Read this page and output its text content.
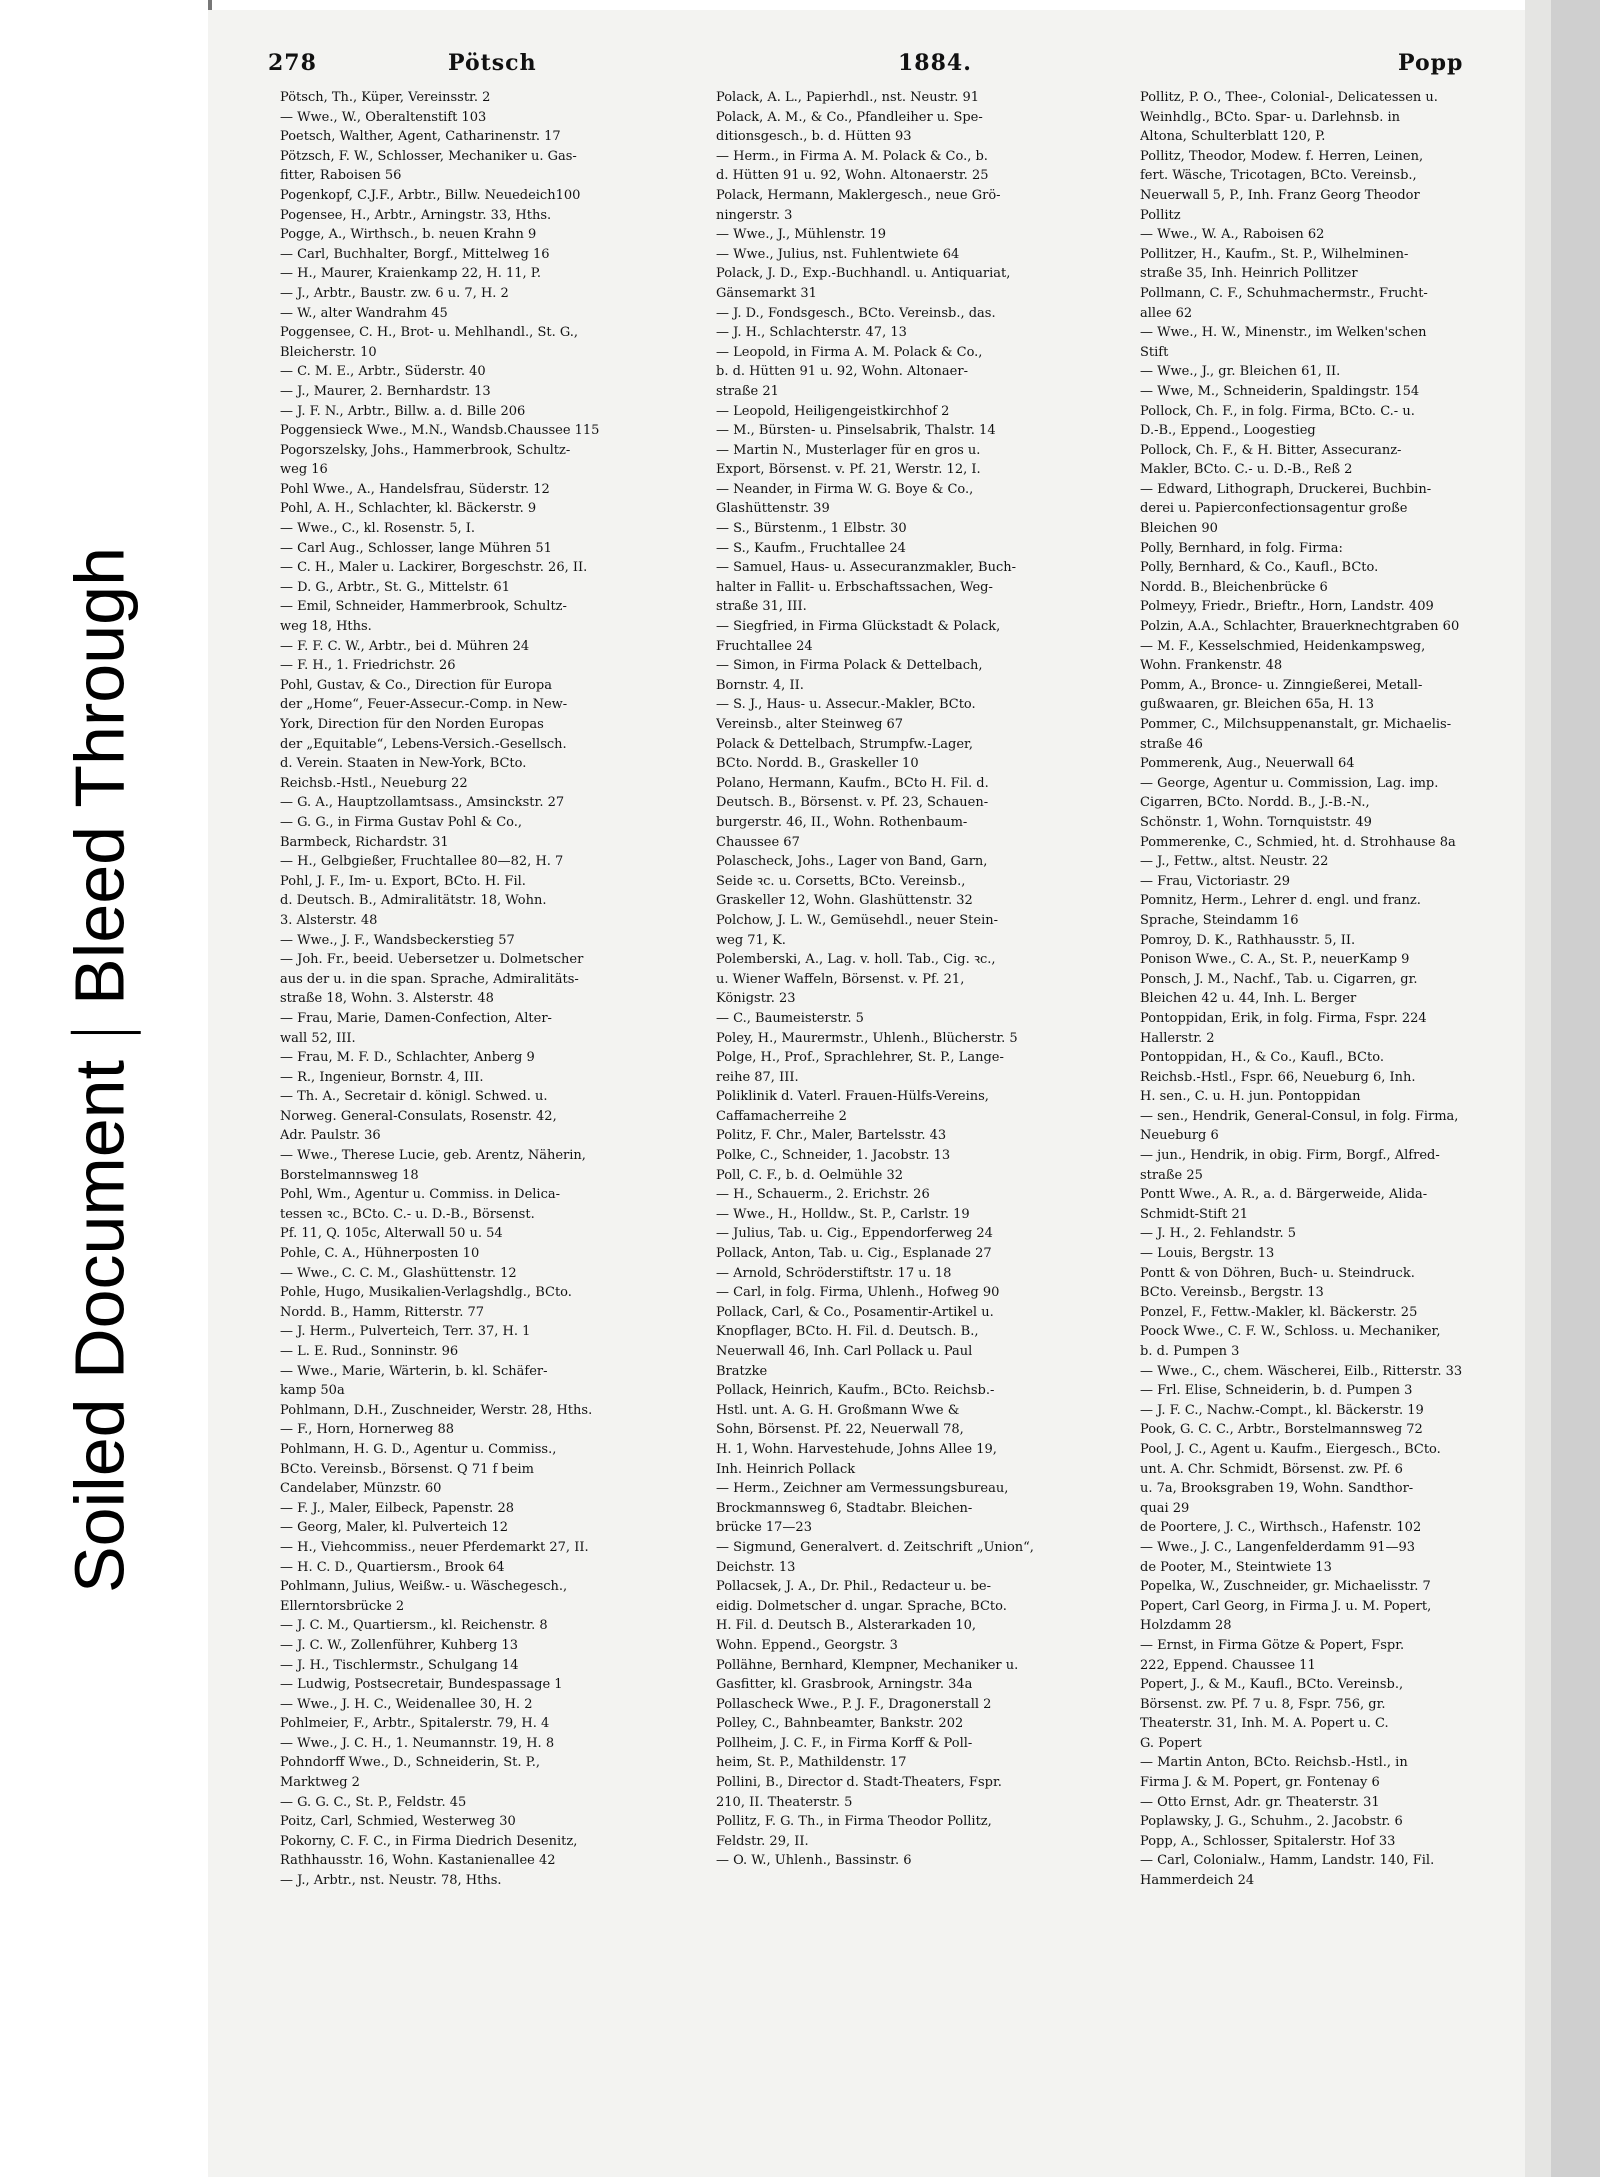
Soiled DocumentBleed Through
278	Pötsch	1884.	Popp
Pötsch, Th., Küper, Vereinsstr. 2
— Wwe., W., Oberaltenstift 103
Poetsch, Walther, Agent, Catharinenstr. 17
Pötzsch, F. W., Schlosser, Mechaniker u. Gas-
fitter, Raboisen 56
Pogenkopf, C.J.F., Arbtr., Billw. Neuedeich100
Pogensee, H., Arbtr., Arningstr. 33, Hths.
Pogge, A., Wirthsch., b. neuen Krahn 9
— Carl, Buchhalter, Borgf., Mittelweg 16
— H., Maurer, Kraienkamp 22, H. 11, P.
— J., Arbtr., Baustr. zw. 6 u. 7, H. 2
— W., alter Wandrahm 45
Poggensee, C. H., Brot- u. Mehlhandl., St. G.,
Bleicherstr. 10
— C. M. E., Arbtr., Süderstr. 40
— J., Maurer, 2. Bernhardstr. 13
— J. F. N., Arbtr., Billw. a. d. Bille 206
Poggensieck Wwe., M.N., Wandsb.Chaussee 115
Pogorszelsky, Johs., Hammerbrook, Schultz-
weg 16
Pohl Wwe., A., Handelsfrau, Süderstr. 12
Pohl, A. H., Schlachter, kl. Bäckerstr. 9
— Wwe., C., kl. Rosenstr. 5, I.
— Carl Aug., Schlosser, lange Mühren 51
— C. H., Maler u. Lackirer, Borgeschstr. 26, II.
— D. G., Arbtr., St. G., Mittelstr. 61
— Emil, Schneider, Hammerbrook, Schultz-
weg 18, Hths.
— F. F. C. W., Arbtr., bei d. Mühren 24
— F. H., 1. Friedrichstr. 26
Pohl, Gustav, & Co., Direction für Europa
der „Home“, Feuer-Assecur.-Comp. in New-
York, Direction für den Norden Europas
der „Equitable“, Lebens-Versich.-Gesellsch.
d. Verein. Staaten in New-York, BCto.
Reichsb.-Hstl., Neueburg 22
— G. A., Hauptzollamtsass., Amsinckstr. 27
— G. G., in Firma Gustav Pohl & Co.,
Barmbeck, Richardstr. 31
— H., Gelbgießer, Fruchtallee 80—82, H. 7
Pohl, J. F., Im- u. Export, BCto. H. Fil.
d. Deutsch. B., Admiralitätstr. 18, Wohn.
3. Alsterstr. 48
— Wwe., J. F., Wandsbeckerstieg 57
— Joh. Fr., beeid. Uebersetzer u. Dolmetscher
aus der u. in die span. Sprache, Admiralitäts-
straße 18, Wohn. 3. Alsterstr. 48
— Frau, Marie, Damen-Confection, Alter-
wall 52, III.
— Frau, M. F. D., Schlachter, Anberg 9
— R., Ingenieur, Bornstr. 4, III.
— Th. A., Secretair d. königl. Schwed. u.
Norweg. General-Consulats, Rosenstr. 42,
Adr. Paulstr. 36
— Wwe., Therese Lucie, geb. Arentz, Näherin,
Borstelmannsweg 18
Pohl, Wm., Agentur u. Commiss. in Delica-
tessen ꝛc., BCto. C.- u. D.-B., Börsenst.
Pf. 11, Q. 105c, Alterwall 50 u. 54
Pohle, C. A., Hühnerposten 10
— Wwe., C. C. M., Glashüttenstr. 12
Pohle, Hugo, Musikalien-Verlagshdlg., BCto.
Nordd. B., Hamm, Ritterstr. 77
— J. Herm., Pulverteich, Terr. 37, H. 1
— L. E. Rud., Sonninstr. 96
— Wwe., Marie, Wärterin, b. kl. Schäfer-
kamp 50a
Pohlmann, D.H., Zuschneider, Werstr. 28, Hths.
— F., Horn, Hornerweg 88
Pohlmann, H. G. D., Agentur u. Commiss.,
BCto. Vereinsb., Börsenst. Q 71 f beim
Candelaber, Münzstr. 60
— F. J., Maler, Eilbeck, Papenstr. 28
— Georg, Maler, kl. Pulverteich 12
— H., Viehcommiss., neuer Pferdemarkt 27, II.
— H. C. D., Quartiersm., Brook 64
Pohlmann, Julius, Weißw.- u. Wäschegesch.,
Ellerntorsbrücke 2
— J. C. M., Quartiersm., kl. Reichenstr. 8
— J. C. W., Zollenführer, Kuhberg 13
— J. H., Tischlermstr., Schulgang 14
— Ludwig, Postsecretair, Bundespassage 1
— Wwe., J. H. C., Weidenallee 30, H. 2
Pohlmeier, F., Arbtr., Spitalerstr. 79, H. 4
— Wwe., J. C. H., 1. Neumannstr. 19, H. 8
Pohndorff Wwe., D., Schneiderin, St. P.,
Marktweg 2
— G. G. C., St. P., Feldstr. 45
Poitz, Carl, Schmied, Westerweg 30
Pokorny, C. F. C., in Firma Diedrich Desenitz,
Rathhausstr. 16, Wohn. Kastanienallee 42
— J., Arbtr., nst. Neustr. 78, Hths.
Polack, A. L., Papierhdl., nst. Neustr. 91
Polack, A. M., & Co., Pfandleiher u. Spe-
ditionsgesch., b. d. Hütten 93
— Herm., in Firma A. M. Polack & Co., b.
d. Hütten 91 u. 92, Wohn. Altonaerstr. 25
Polack, Hermann, Maklergesch., neue Grö-
ningerstr. 3
— Wwe., J., Mühlenstr. 19
— Wwe., Julius, nst. Fuhlentwiete 64
Polack, J. D., Exp.-Buchhandl. u. Antiquariat,
Gänsemarkt 31
— J. D., Fondsgesch., BCto. Vereinsb., das.
— J. H., Schlachterstr. 47, 13
— Leopold, in Firma A. M. Polack & Co.,
b. d. Hütten 91 u. 92, Wohn. Altonaer-
straße 21
— Leopold, Heiligengeistkirchhof 2
— M., Bürsten- u. Pinselsabrik, Thalstr. 14
— Martin N., Musterlager für en gros u.
Export, Börsenst. v. Pf. 21, Werstr. 12, I.
— Neander, in Firma W. G. Boye & Co.,
Glashüttenstr. 39
— S., Bürstenm., 1 Elbstr. 30
— S., Kaufm., Fruchtallee 24
— Samuel, Haus- u. Assecuranzmakler, Buch-
halter in Fallit- u. Erbschaftssachen, Weg-
straße 31, III.
— Siegfried, in Firma Glückstadt & Polack,
Fruchtallee 24
— Simon, in Firma Polack & Dettelbach,
Bornstr. 4, II.
— S. J., Haus- u. Assecur.-Makler, BCto.
Vereinsb., alter Steinweg 67
Polack & Dettelbach, Strumpfw.-Lager,
BCto. Nordd. B., Graskeller 10
Polano, Hermann, Kaufm., BCto H. Fil. d.
Deutsch. B., Börsenst. v. Pf. 23, Schauen-
burgerstr. 46, II., Wohn. Rothenbaum-
Chaussee 67
Polascheck, Johs., Lager von Band, Garn,
Seide ꝛc. u. Corsetts, BCto. Vereinsb.,
Graskeller 12, Wohn. Glashüttenstr. 32
Polchow, J. L. W., Gemüsehdl., neuer Stein-
weg 71, K.
Polemberski, A., Lag. v. holl. Tab., Cig. ꝛc.,
u. Wiener Waffeln, Börsenst. v. Pf. 21,
Königstr. 23
— C., Baumeisterstr. 5
Poley, H., Maurermstr., Uhlenh., Blücherstr. 5
Polge, H., Prof., Sprachlehrer, St. P., Lange-
reihe 87, III.
Poliklinik d. Vaterl. Frauen-Hülfs-Vereins,
Caffamacherreihe 2
Politz, F. Chr., Maler, Bartelsstr. 43
Polke, C., Schneider, 1. Jacobstr. 13
Poll, C. F., b. d. Oelmühle 32
— H., Schauerm., 2. Erichstr. 26
— Wwe., H., Holldw., St. P., Carlstr. 19
— Julius, Tab. u. Cig., Eppendorferweg 24
Pollack, Anton, Tab. u. Cig., Esplanade 27
— Arnold, Schröderstiftstr. 17 u. 18
— Carl, in folg. Firma, Uhlenh., Hofweg 90
Pollack, Carl, & Co., Posamentir-Artikel u.
Knopflager, BCto. H. Fil. d. Deutsch. B.,
Neuerwall 46, Inh. Carl Pollack u. Paul
Bratzke
Pollack, Heinrich, Kaufm., BCto. Reichsb.-
Hstl. unt. A. G. H. Großmann Wwe &
Sohn, Börsenst. Pf. 22, Neuerwall 78,
H. 1, Wohn. Harvestehude, Johns Allee 19,
Inh. Heinrich Pollack
— Herm., Zeichner am Vermessungsbureau,
Brockmannsweg 6, Stadtabr. Bleichen-
brücke 17—23
— Sigmund, Generalvert. d. Zeitschrift „Union“,
Deichstr. 13
Pollacsek, J. A., Dr. Phil., Redacteur u. be-
eidig. Dolmetscher d. ungar. Sprache, BCto.
H. Fil. d. Deutsch B., Alsterarkaden 10,
Wohn. Eppend., Georgstr. 3
Pollähne, Bernhard, Klempner, Mechaniker u.
Gasfitter, kl. Grasbrook, Arningstr. 34a
Pollascheck Wwe., P. J. F., Dragonerstall 2
Polley, C., Bahnbeamter, Bankstr. 202
Pollheim, J. C. F., in Firma Korff & Poll-
heim, St. P., Mathildenstr. 17
Pollini, B., Director d. Stadt-Theaters, Fspr.
210, II. Theaterstr. 5
Pollitz, F. G. Th., in Firma Theodor Pollitz,
Feldstr. 29, II.
— O. W., Uhlenh., Bassinstr. 6
Pollitz, P. O., Thee-, Colonial-, Delicatessen u.
Weinhdlg., BCto. Spar- u. Darlehnsb. in
Altona, Schulterblatt 120, P.
Pollitz, Theodor, Modew. f. Herren, Leinen,
fert. Wäsche, Tricotagen, BCto. Vereinsb.,
Neuerwall 5, P., Inh. Franz Georg Theodor
Pollitz
— Wwe., W. A., Raboisen 62
Pollitzer, H., Kaufm., St. P., Wilhelminen-
straße 35, Inh. Heinrich Pollitzer
Pollmann, C. F., Schuhmachermstr., Frucht-
allee 62
— Wwe., H. W., Minenstr., im Welken'schen
Stift
— Wwe., J., gr. Bleichen 61, II.
— Wwe, M., Schneiderin, Spaldingstr. 154
Pollock, Ch. F., in folg. Firma, BCto. C.- u.
D.-B., Eppend., Loogestieg
Pollock, Ch. F., & H. Bitter, Assecuranz-
Makler, BCto. C.- u. D.-B., Reß 2
— Edward, Lithograph, Druckerei, Buchbin-
derei u. Papierconfectionsagentur große
Bleichen 90
Polly, Bernhard, in folg. Firma:
Polly, Bernhard, & Co., Kaufl., BCto.
Nordd. B., Bleichenbrücke 6
Polmeyy, Friedr., Brieftr., Horn, Landstr. 409
Polzin, A.A., Schlachter, Brauerknechtgraben 60
— M. F., Kesselschmied, Heidenkampsweg,
Wohn. Frankenstr. 48
Pomm, A., Bronce- u. Zinngießerei, Metall-
gußwaaren, gr. Bleichen 65a, H. 13
Pommer, C., Milchsuppenanstalt, gr. Michaelis-
straße 46
Pommerenk, Aug., Neuerwall 64
— George, Agentur u. Commission, Lag. imp.
Cigarren, BCto. Nordd. B., J.-B.-N.,
Schönstr. 1, Wohn. Tornquiststr. 49
Pommerenke, C., Schmied, ht. d. Strohhause 8a
— J., Fettw., altst. Neustr. 22
— Frau, Victoriastr. 29
Pomnitz, Herm., Lehrer d. engl. und franz.
Sprache, Steindamm 16
Pomroy, D. K., Rathhausstr. 5, II.
Ponison Wwe., C. A., St. P., neuerKamp 9
Ponsch, J. M., Nachf., Tab. u. Cigarren, gr.
Bleichen 42 u. 44, Inh. L. Berger
Pontoppidan, Erik, in folg. Firma, Fspr. 224
Hallerstr. 2
Pontoppidan, H., & Co., Kaufl., BCto.
Reichsb.-Hstl., Fspr. 66, Neueburg 6, Inh.
H. sen., C. u. H. jun. Pontoppidan
— sen., Hendrik, General-Consul, in folg. Firma,
Neueburg 6
— jun., Hendrik, in obig. Firm, Borgf., Alfred-
straße 25
Pontt Wwe., A. R., a. d. Bärgerweide, Alida-
Schmidt-Stift 21
— J. H., 2. Fehlandstr. 5
— Louis, Bergstr. 13
Pontt & von Döhren, Buch- u. Steindruck.
BCto. Vereinsb., Bergstr. 13
Ponzel, F., Fettw.-Makler, kl. Bäckerstr. 25
Poock Wwe., C. F. W., Schloss. u. Mechaniker,
b. d. Pumpen 3
— Wwe., C., chem. Wäscherei, Eilb., Ritterstr. 33
— Frl. Elise, Schneiderin, b. d. Pumpen 3
— J. F. C., Nachw.-Compt., kl. Bäckerstr. 19
Pook, G. C. C., Arbtr., Borstelmannsweg 72
Pool, J. C., Agent u. Kaufm., Eiergesch., BCto.
unt. A. Chr. Schmidt, Börsenst. zw. Pf. 6
u. 7a, Brooksgraben 19, Wohn. Sandthor-
quai 29
de Poortere, J. C., Wirthsch., Hafenstr. 102
— Wwe., J. C., Langenfelderdamm 91—93
de Pooter, M., Steintwiete 13
Popelka, W., Zuschneider, gr. Michaelisstr. 7
Popert, Carl Georg, in Firma J. u. M. Popert,
Holzdamm 28
— Ernst, in Firma Götze & Popert, Fspr.
222, Eppend. Chaussee 11
Popert, J., & M., Kaufl., BCto. Vereinsb.,
Börsenst. zw. Pf. 7 u. 8, Fspr. 756, gr.
Theaterstr. 31, Inh. M. A. Popert u. C.
G. Popert
— Martin Anton, BCto. Reichsb.-Hstl., in
Firma J. & M. Popert, gr. Fontenay 6
— Otto Ernst, Adr. gr. Theaterstr. 31
Poplawsky, J. G., Schuhm., 2. Jacobstr. 6
Popp, A., Schlosser, Spitalerstr. Hof 33
— Carl, Colonialw., Hamm, Landstr. 140, Fil.
Hammerdeich 24
